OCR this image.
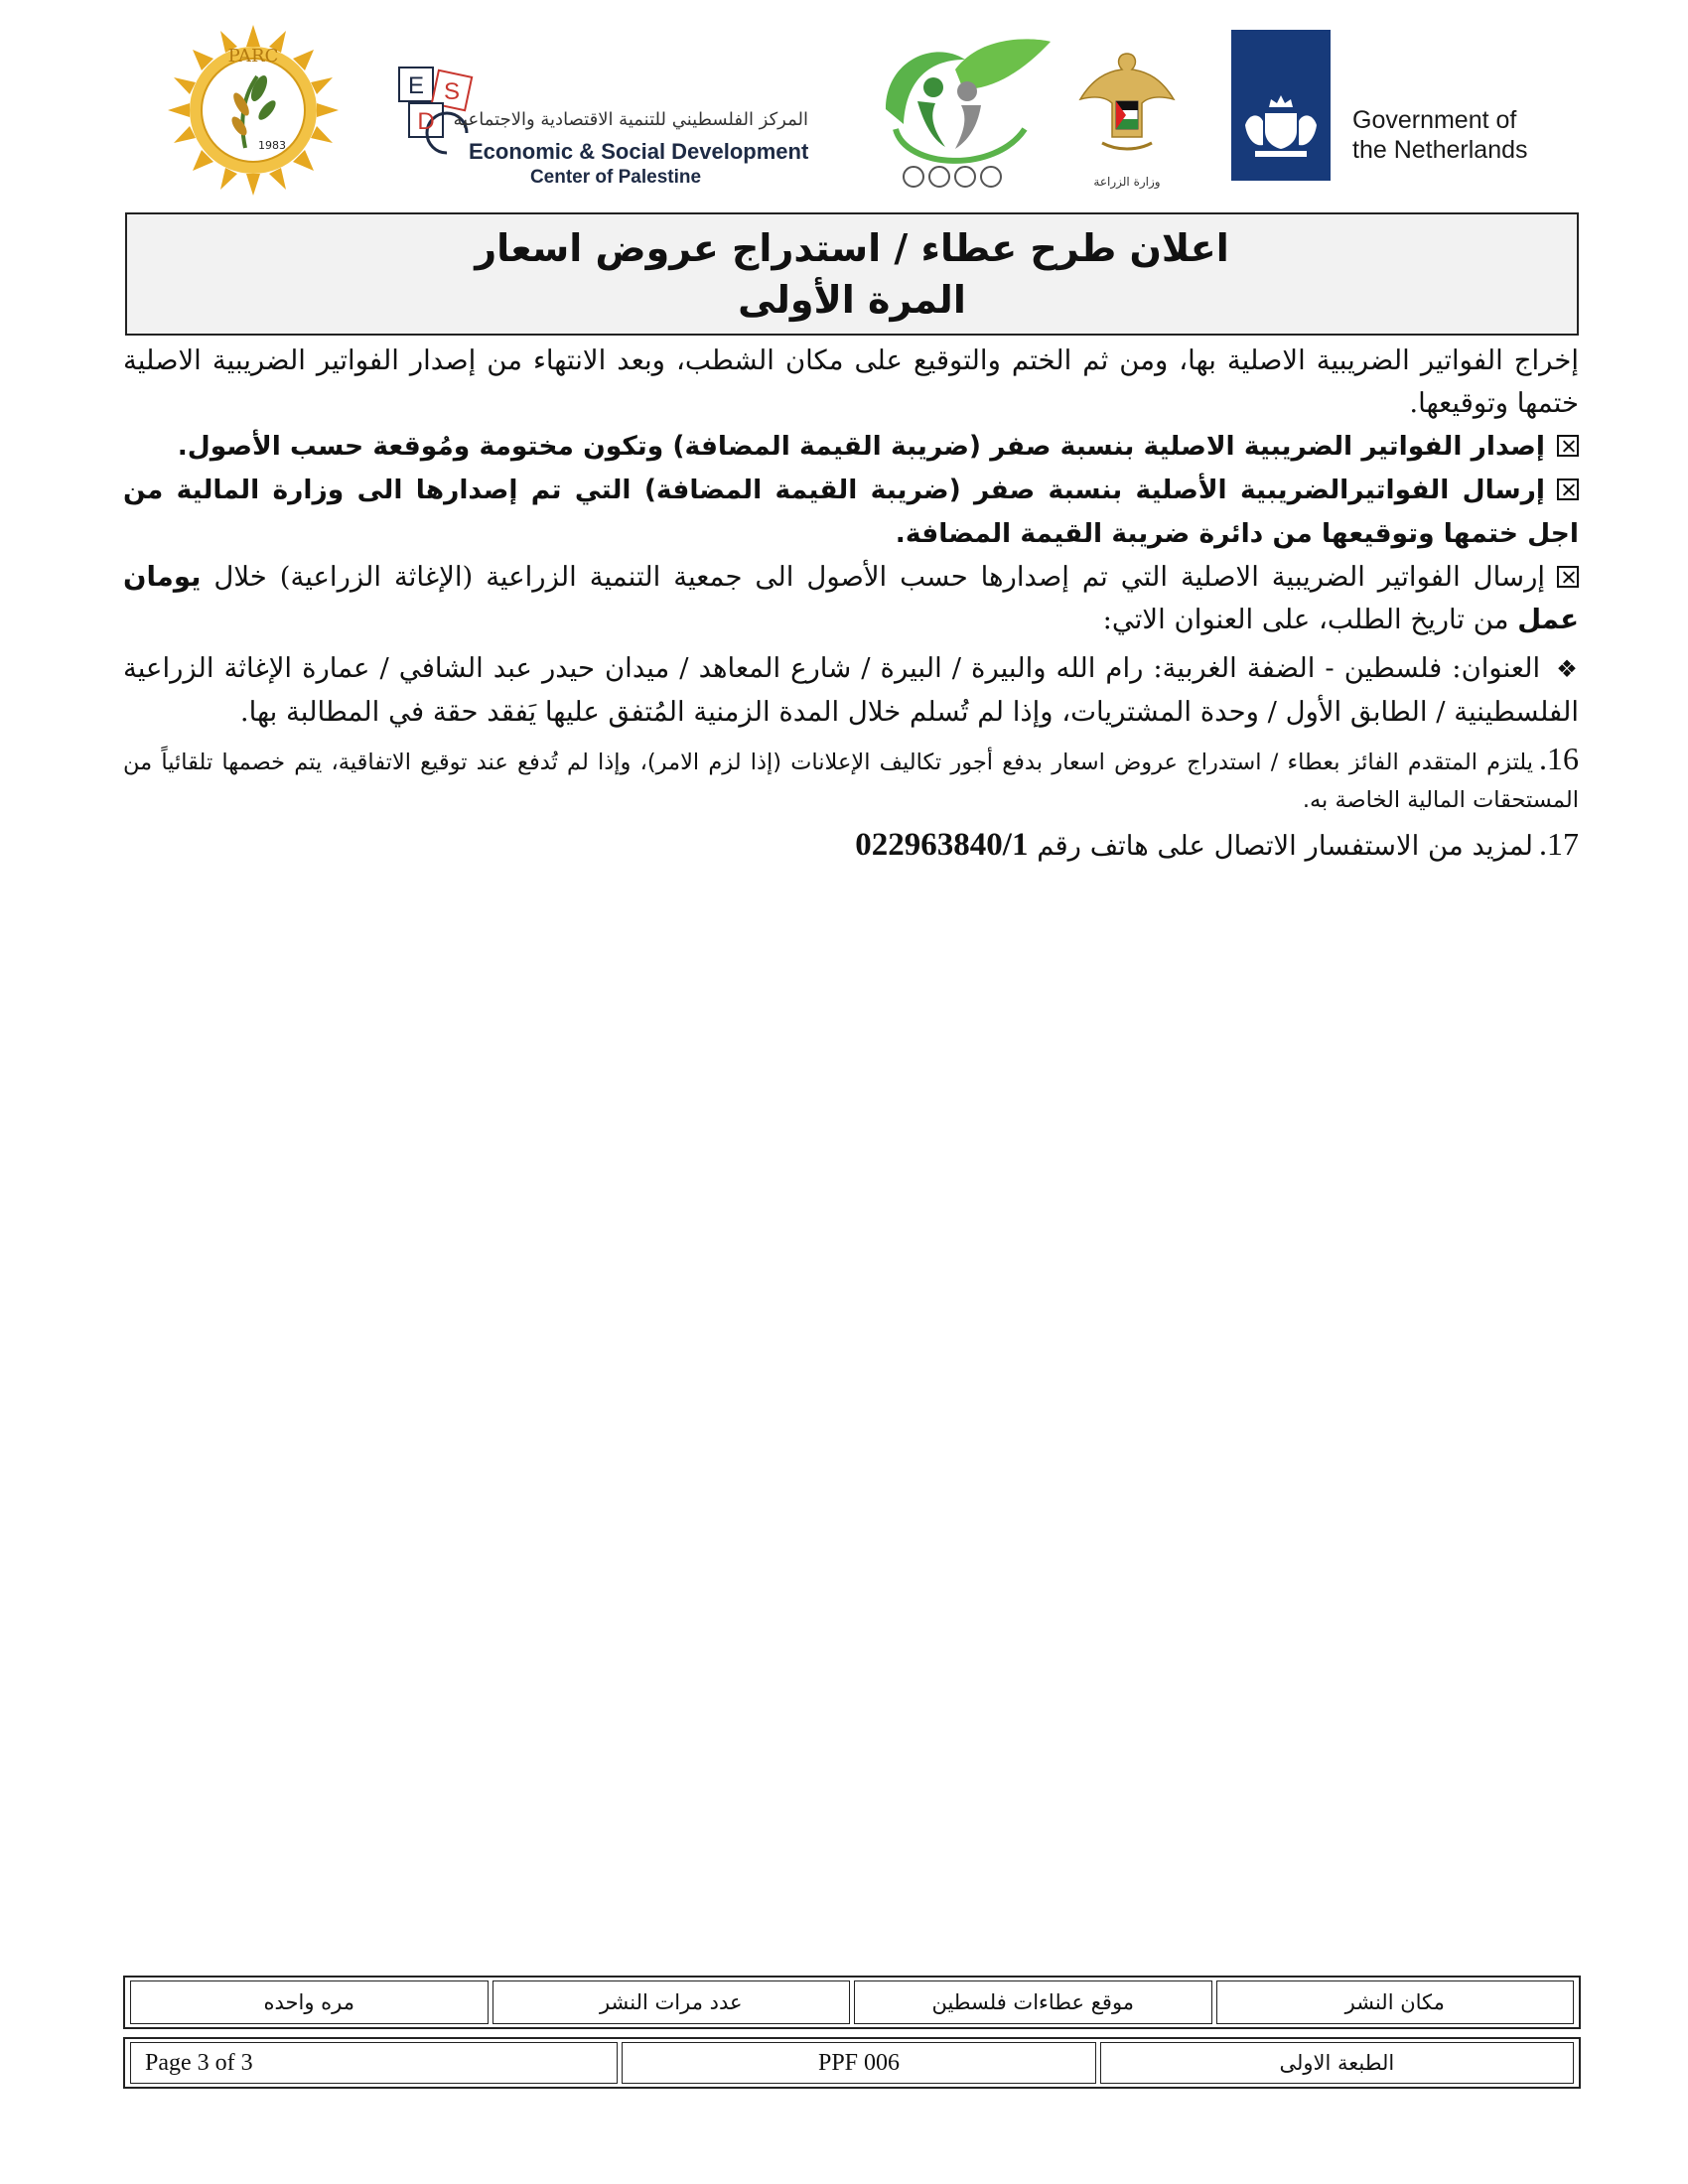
PARC
1983
E S
D المركز الفلسطيني للتنمية الاقتصادية والاجتماعية
Economic & Social Development
Center of Palestine	وزارة الزراعة
Government of
the Netherlands
اعلان طرح عطاء / استدراج عروض اسعار
المرة الأولى

إخراج الفواتير الضريبية الاصلية بها، ومن ثم الختم والتوقيع على مكان الشطب، وبعد الانتهاء من إصدار الفواتير الضريبية الاصلية ختمها وتوقيعها.

إصدار الفواتير الضريبية الاصلية بنسبة صفر (ضريبة القيمة المضافة) وتكون مختومة ومُوقعة حسب الأصول.

إرسال الفواتيرالضريبية الأصلية بنسبة صفر (ضريبة القيمة المضافة) التي تم إصدارها الى وزارة المالية من اجل ختمها وتوقيعها من دائرة ضريبة القيمة المضافة.

إرسال الفواتير الضريبية الاصلية التي تم إصدارها حسب الأصول الى جمعية التنمية الزراعية (الإغاثة الزراعية) خلال يومان عمل من تاريخ الطلب، على العنوان الاتي:

❖العنوان: فلسطين - الضفة الغربية: رام الله والبيرة / البيرة / شارع المعاهد / ميدان حيدر عبد الشافي / عمارة الإغاثة الزراعية الفلسطينية / الطابق الأول / وحدة المشتريات، وإذا لم تُسلم خلال المدة الزمنية المُتفق عليها يَفقد حقة في المطالبة بها.

16.يلتزم المتقدم الفائز بعطاء / استدراج عروض اسعار بدفع أجور تكاليف الإعلانات (إذا لزم الامر)، وإذا لم تُدفع عند توقيع الاتفاقية، يتم خصمها تلقائياً من المستحقات المالية الخاصة به.

17.لمزيد من الاستفسار الاتصال على هاتف رقم 022963840/1

مكان النشر
موقع عطاءات فلسطين
عدد مرات النشر
مره واحده
الطبعة الاولى
PPF 006
Page 3 of 3
